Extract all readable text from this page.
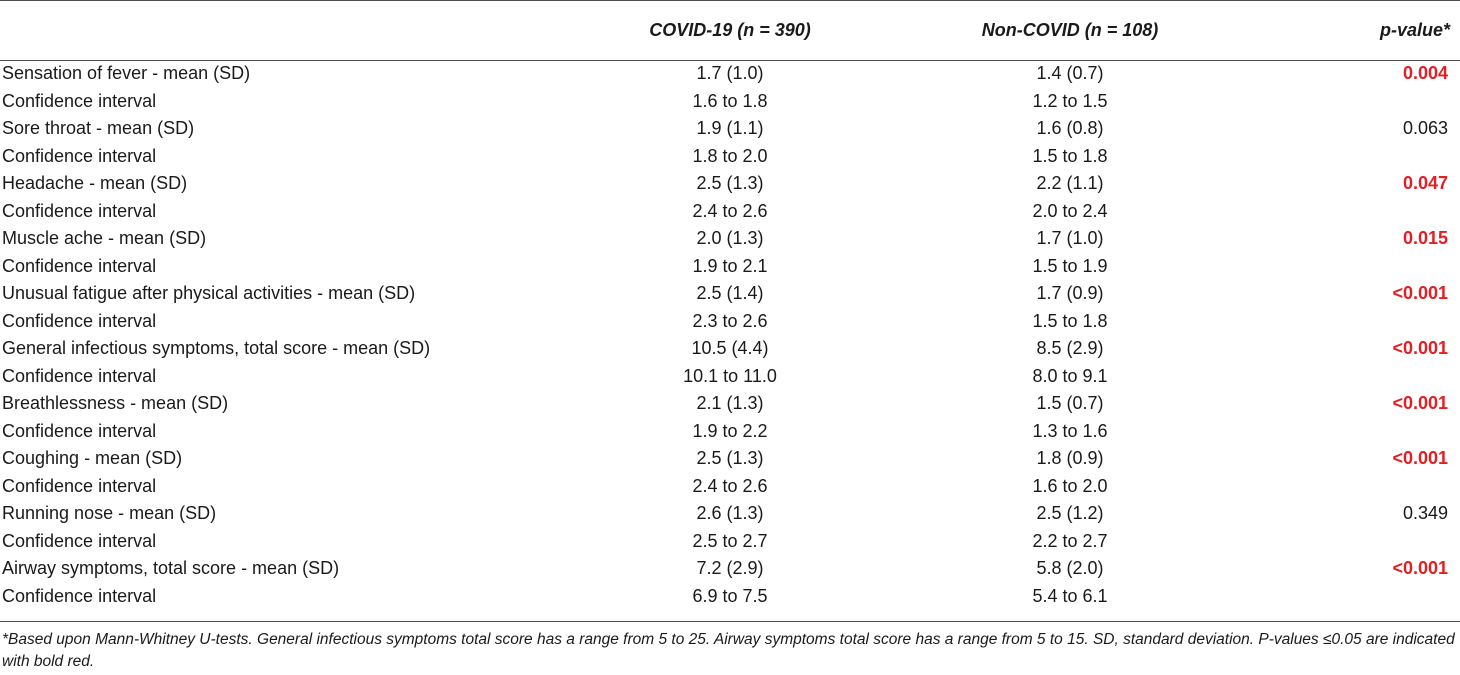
	COVID-19 (n = 390)	Non-COVID (n = 108)	p-value*
Sensation of fever - mean (SD)	1.7 (1.0)	1.4 (0.7)	0.004
Confidence interval	1.6 to 1.8	1.2 to 1.5	
Sore throat - mean (SD)	1.9 (1.1)	1.6 (0.8)	0.063
Confidence interval	1.8 to 2.0	1.5 to 1.8	
Headache - mean (SD)	2.5 (1.3)	2.2 (1.1)	0.047
Confidence interval	2.4 to 2.6	2.0 to 2.4	
Muscle ache - mean (SD)	2.0 (1.3)	1.7 (1.0)	0.015
Confidence interval	1.9 to 2.1	1.5 to 1.9	
Unusual fatigue after physical activities - mean (SD)	2.5 (1.4)	1.7 (0.9)	<0.001
Confidence interval	2.3 to 2.6	1.5 to 1.8	
General infectious symptoms, total score - mean (SD)	10.5 (4.4)	8.5 (2.9)	<0.001
Confidence interval	10.1 to 11.0	8.0 to 9.1	
Breathlessness - mean (SD)	2.1 (1.3)	1.5 (0.7)	<0.001
Confidence interval	1.9 to 2.2	1.3 to 1.6	
Coughing - mean (SD)	2.5 (1.3)	1.8 (0.9)	<0.001
Confidence interval	2.4 to 2.6	1.6 to 2.0	
Running nose - mean (SD)	2.6 (1.3)	2.5 (1.2)	0.349
Confidence interval	2.5 to 2.7	2.2 to 2.7	
Airway symptoms, total score - mean (SD)	7.2 (2.9)	5.8 (2.0)	<0.001
Confidence interval	6.9 to 7.5	5.4 to 6.1	
*Based upon Mann-Whitney U-tests. General infectious symptoms total score has a range from 5 to 25. Airway symptoms total score has a range from 5 to 15. SD, standard deviation. P-values ≤0.05 are indicated with bold red.
